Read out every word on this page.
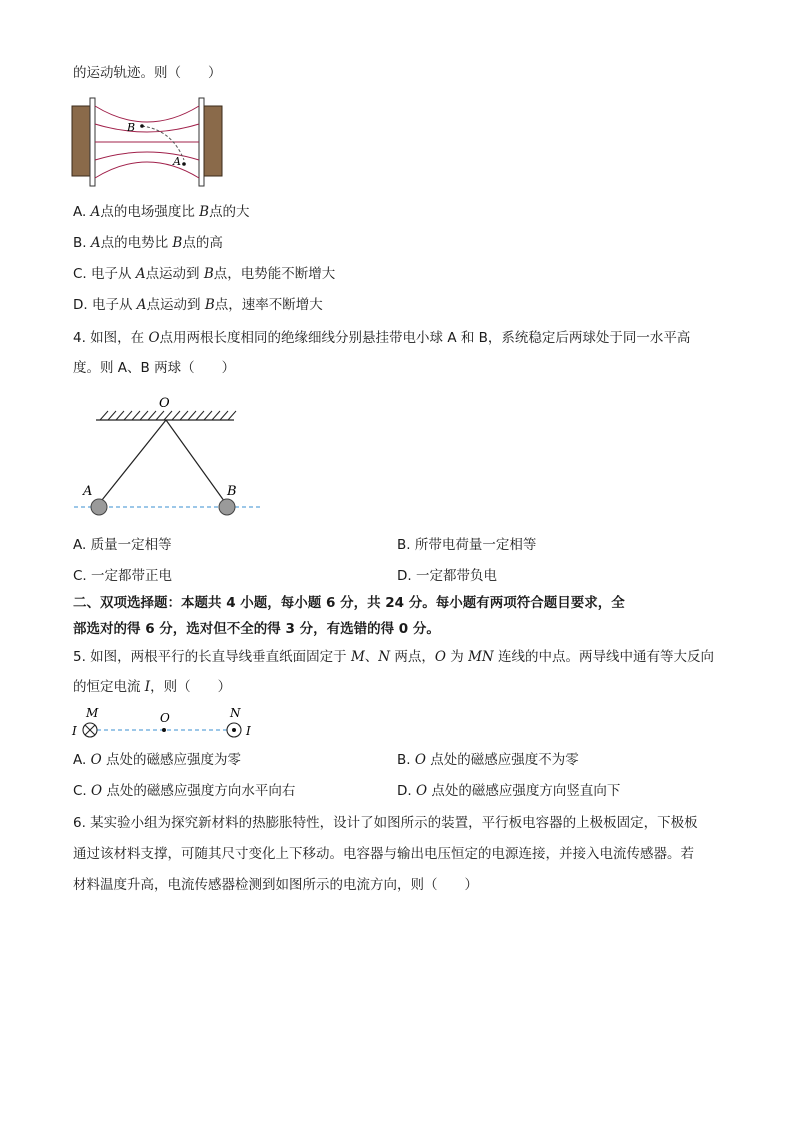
的运动轨迹。则（　　）
B
A
A. A点的电场强度比 B点的大
B. A点的电势比 B点的高
C. 电子从 A点运动到 B点，电势能不断增大
D. 电子从 A点运动到 B点，速率不断增大
4. 如图，在 O点用两根长度相同的绝缘细线分别悬挂带电小球 A 和 B，系统稳定后两球处于同一水平高
度。则 A、B 两球（　　）
O
A	B
A. 质量一定相等	B. 所带电荷量一定相等
C. 一定都带正电	D. 一定都带负电
二、双项选择题：本题共 4 小题，每小题 6 分，共 24 分。每小题有两项符合题目要求，全
部选对的得 6 分，选对但不全的得 3 分，有选错的得 0 分。
5. 如图，两根平行的长直导线垂直纸面固定于 M、N 两点，O 为 MN 连线的中点。两导线中通有等大反向
的恒定电流 I，则（　　）
M	O	N
I	I
A. O 点处的磁感应强度为零	B. O 点处的磁感应强度不为零
C. O 点处的磁感应强度方向水平向右	D. O 点处的磁感应强度方向竖直向下
6. 某实验小组为探究新材料的热膨胀特性，设计了如图所示的装置，平行板电容器的上极板固定，下极板
通过该材料支撑，可随其尺寸变化上下移动。电容器与输出电压恒定的电源连接，并接入电流传感器。若
材料温度升高，电流传感器检测到如图所示的电流方向，则（　　）
